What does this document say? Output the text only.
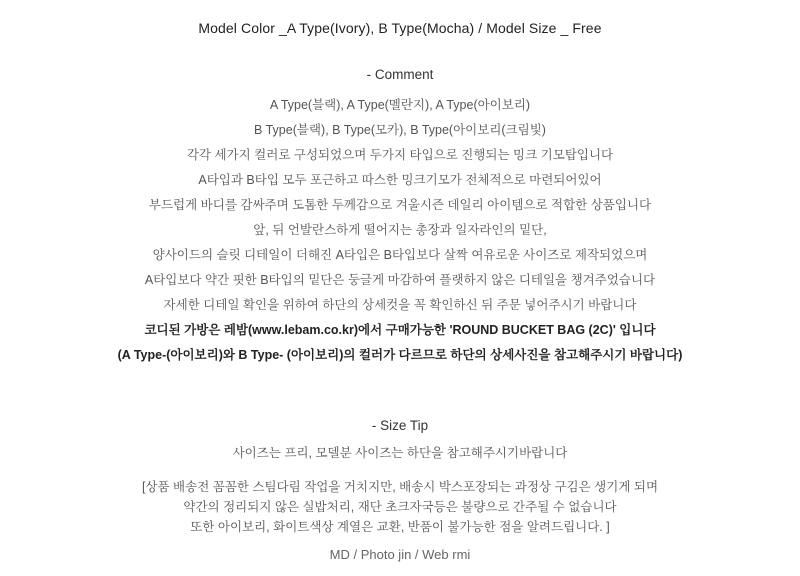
Model Color _A Type(Ivory), B Type(Mocha) / Model Size _ Free
- Comment
A Type(블랙), A Type(멜란지), A Type(아이보리)
B Type(블랙), B Type(모카), B Type(아이보리(크림빛)
각각 세가지 컬러로 구성되었으며 두가지 타입으로 진행되는 밍크 기모탑입니다
A타입과 B타입 모두 포근하고 따스한 밍크기모가 전체적으로 마련되어있어
부드럽게 바디를 감싸주며 도톰한 두께감으로 겨울시즌 데일리 아이템으로 적합한 상품입니다
앞, 뒤 언발란스하게 떨어지는 총장과 일자라인의 밑단,
양사이드의 슬릿 디테일이 더해진 A타입은 B타입보다 살짝 여유로운 사이즈로 제작되었으며
A타입보다 약간 핏한 B타입의 밑단은 둥글게 마감하여 플랫하지 않은 디테일을 챙겨주었습니다
자세한 디테일 확인을 위하여 하단의 상세컷을 꼭 확인하신 뒤 주문 넣어주시기 바랍니다
코디된 가방은 레밤(www.lebam.co.kr)에서 구매가능한 'ROUND BUCKET BAG (2C)' 입니다
(A Type-(아이보리)와 B Type- (아이보리)의 컬러가 다르므로 하단의 상세사진을 참고해주시기 바랍니다)
- Size Tip
사이즈는 프리, 모델분 사이즈는 하단을 참고해주시기바랍니다
[상품 배송전 꼼꼼한 스팀다림 작업을 거치지만, 배송시 박스포장되는 과정상 구김은 생기게 되며
약간의 정리되지 않은 실밥처리, 재단 초크자국등은 불량으로 간주될 수 없습니다
또한 아이보리, 화이트색상 계열은 교환, 반품이 불가능한 점을 알려드립니다. ]
MD / Photo jin / Web rmi
